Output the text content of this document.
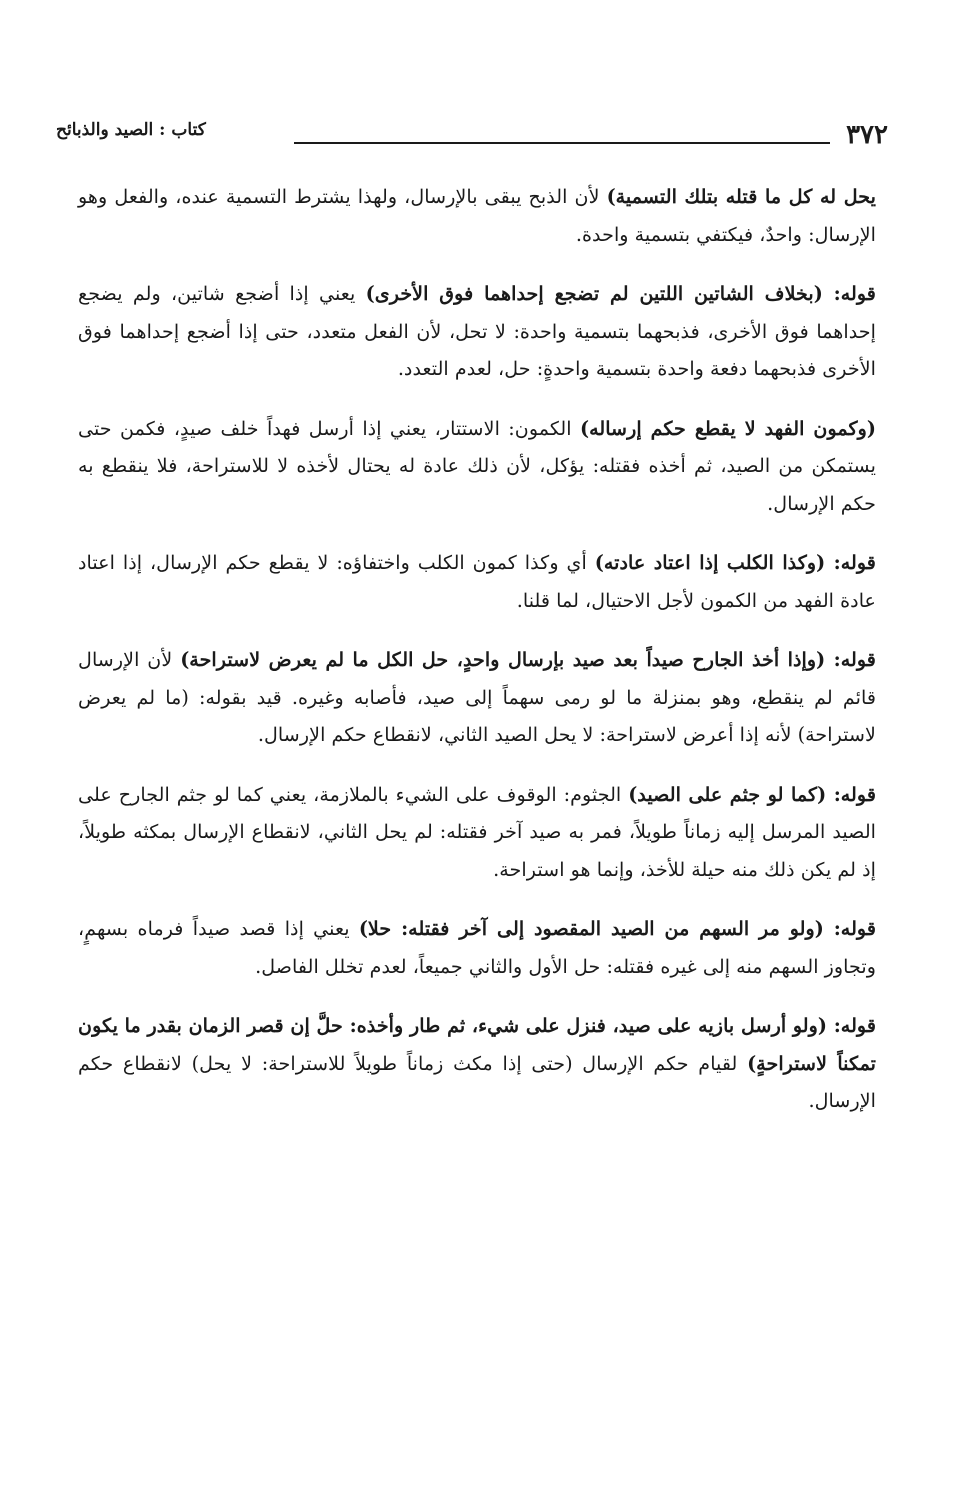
٣٧٢
كتاب : الصيد والذبائح

يحل له كل ما قتله بتلك التسمية) لأن الذبح يبقى بالإرسال، ولهذا يشترط التسمية عنده، والفعل وهو الإرسال: واحدٌ، فيكتفي بتسمية واحدة.

قوله: (بخلاف الشاتين اللتين لم تضجع إحداهما فوق الأخرى) يعني إذا أضجع شاتين، ولم يضجع إحداهما فوق الأخرى، فذبحهما بتسمية واحدة: لا تحل، لأن الفعل متعدد، حتى إذا أضجع إحداهما فوق الأخرى فذبحهما دفعة واحدة بتسمية واحدةٍ: حل، لعدم التعدد.

(وكمون الفهد لا يقطع حكم إرساله) الكمون: الاستتار، يعني إذا أرسل فهداً خلف صيدٍ، فكمن حتى يستمكن من الصيد، ثم أخذه فقتله: يؤكل، لأن ذلك عادة له يحتال لأخذه لا للاستراحة، فلا ينقطع به حكم الإرسال.

قوله: (وكذا الكلب إذا اعتاد عادته) أي وكذا كمون الكلب واختفاؤه: لا يقطع حكم الإرسال، إذا اعتاد عادة الفهد من الكمون لأجل الاحتيال، لما قلنا.

قوله: (وإذا أخذ الجارح صيداً بعد صيد بإرسال واحدٍ، حل الكل ما لم يعرض لاستراحة) لأن الإرسال قائم لم ينقطع، وهو بمنزلة ما لو رمى سهماً إلى صيد، فأصابه وغيره. قيد بقوله: (ما لم يعرض لاستراحة) لأنه إذا أعرض لاستراحة: لا يحل الصيد الثاني، لانقطاع حكم الإرسال.

قوله: (كما لو جثم على الصيد) الجثوم: الوقوف على الشيء بالملازمة، يعني كما لو جثم الجارح على الصيد المرسل إليه زماناً طويلاً، فمر به صيد آخر فقتله: لم يحل الثاني، لانقطاع الإرسال بمكثه طويلاً، إذ لم يكن ذلك منه حيلة للأخذ، وإنما هو استراحة.

قوله: (ولو مر السهم من الصيد المقصود إلى آخر فقتله: حلا) يعني إذا قصد صيداً فرماه بسهمٍ، وتجاوز السهم منه إلى غيره فقتله: حل الأول والثاني جميعاً، لعدم تخلل الفاصل.

قوله: (ولو أرسل بازيه على صيد، فنزل على شيء، ثم طار وأخذه: حلَّ إن قصر الزمان بقدر ما يكون تمكناً لاستراحةٍ) لقيام حكم الإرسال (حتى إذا مكث زماناً طويلاً للاستراحة: لا يحل) لانقطاع حكم الإرسال.
